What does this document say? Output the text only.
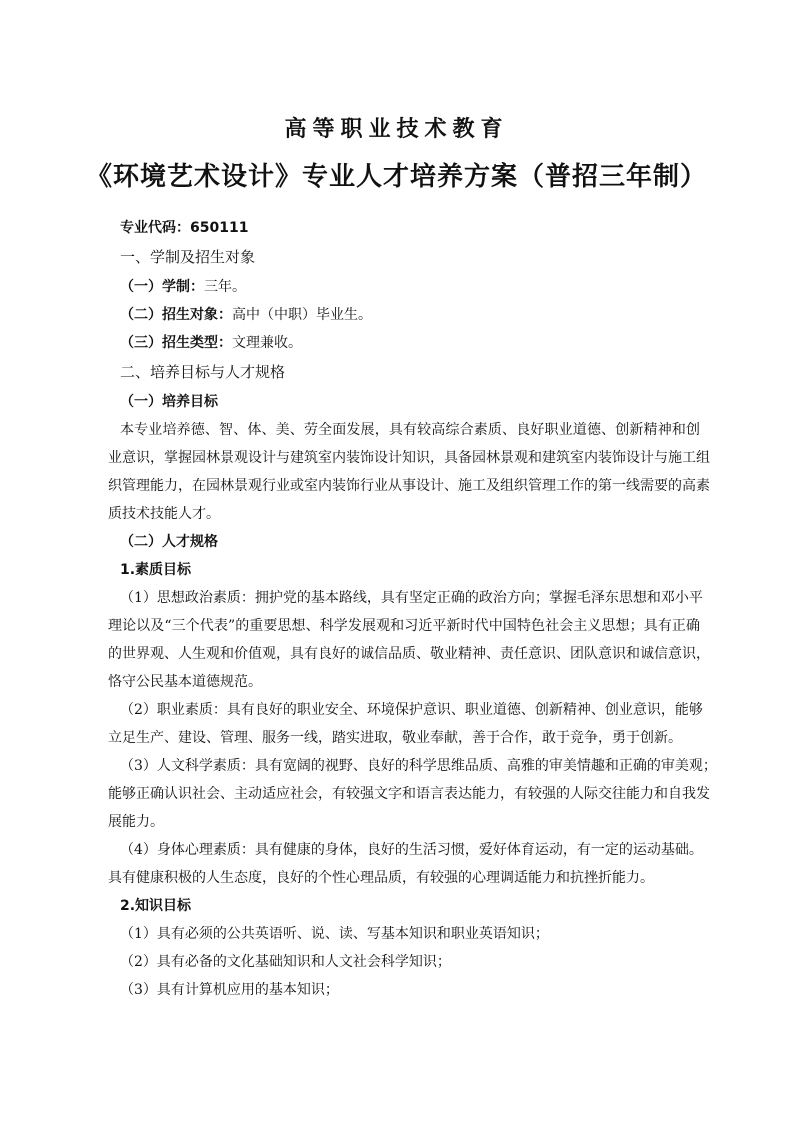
高等职业技术教育
《环境艺术设计》专业人才培养方案（普招三年制）
专业代码：650111
一、学制及招生对象
（一）学制：三年。
（二）招生对象：高中（中职）毕业生。
（三）招生类型：文理兼收。
二、培养目标与人才规格
（一）培养目标
本专业培养德、智、体、美、劳全面发展，具有较高综合素质、良好职业道德、创新精神和创
业意识，掌握园林景观设计与建筑室内装饰设计知识，具备园林景观和建筑室内装饰设计与施工组
织管理能力，在园林景观行业或室内装饰行业从事设计、施工及组织管理工作的第一线需要的高素
质技术技能人才。
（二）人才规格
1.素质目标
（1）思想政治素质：拥护党的基本路线，具有坚定正确的政治方向；掌握毛泽东思想和邓小平
理论以及“三个代表”的重要思想、科学发展观和习近平新时代中国特色社会主义思想；具有正确
的世界观、人生观和价值观，具有良好的诚信品质、敬业精神、责任意识、团队意识和诚信意识，
恪守公民基本道德规范。
（2）职业素质：具有良好的职业安全、环境保护意识、职业道德、创新精神、创业意识，能够
立足生产、建设、管理、服务一线，踏实进取，敬业奉献，善于合作，敢于竞争，勇于创新。
（3）人文科学素质：具有宽阔的视野、良好的科学思维品质、高雅的审美情趣和正确的审美观；
能够正确认识社会、主动适应社会，有较强文字和语言表达能力，有较强的人际交往能力和自我发
展能力。
（4）身体心理素质：具有健康的身体，良好的生活习惯，爱好体育运动，有一定的运动基础。
具有健康积极的人生态度，良好的个性心理品质，有较强的心理调适能力和抗挫折能力。
2.知识目标
（1）具有必须的公共英语听、说、读、写基本知识和职业英语知识；
（2）具有必备的文化基础知识和人文社会科学知识；
（3）具有计算机应用的基本知识；
